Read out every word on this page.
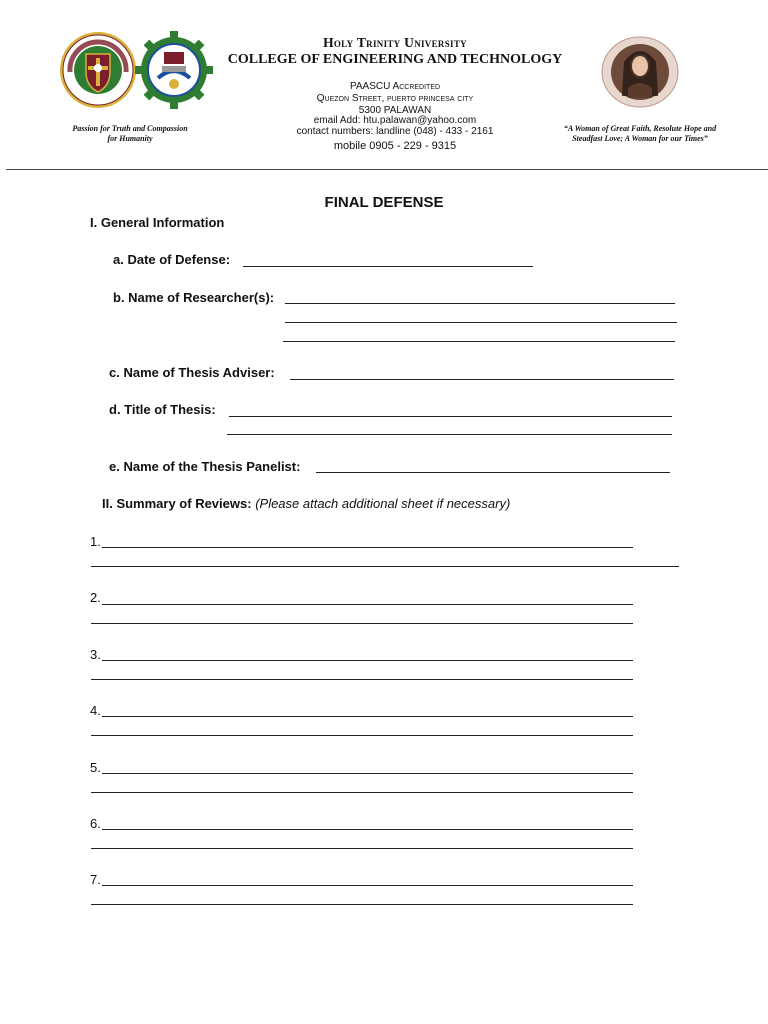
Holy Trinity University
COLLEGE OF ENGINEERING AND TECHNOLOGY
PAASCU Accredited
Quezon Street, puerto princesa city
5300 PALAWAN
email Add: htu.palawan@yahoo.com
contact numbers: landline (048) - 433 - 2161
mobile 0905 - 229 - 9315
Passion for Truth and Compassion for Humanity
“A Woman of Great Faith, Resolute Hope and Steadfast Love; A Woman for our Times”
FINAL DEFENSE
I. General Information
a. Date of Defense:
b. Name of Researcher(s):
c. Name of Thesis Adviser:
d. Title of Thesis:
e. Name of the Thesis Panelist:
II. Summary of Reviews: (Please attach additional sheet if necessary)
1.
2.
3.
4.
5.
6.
7.
